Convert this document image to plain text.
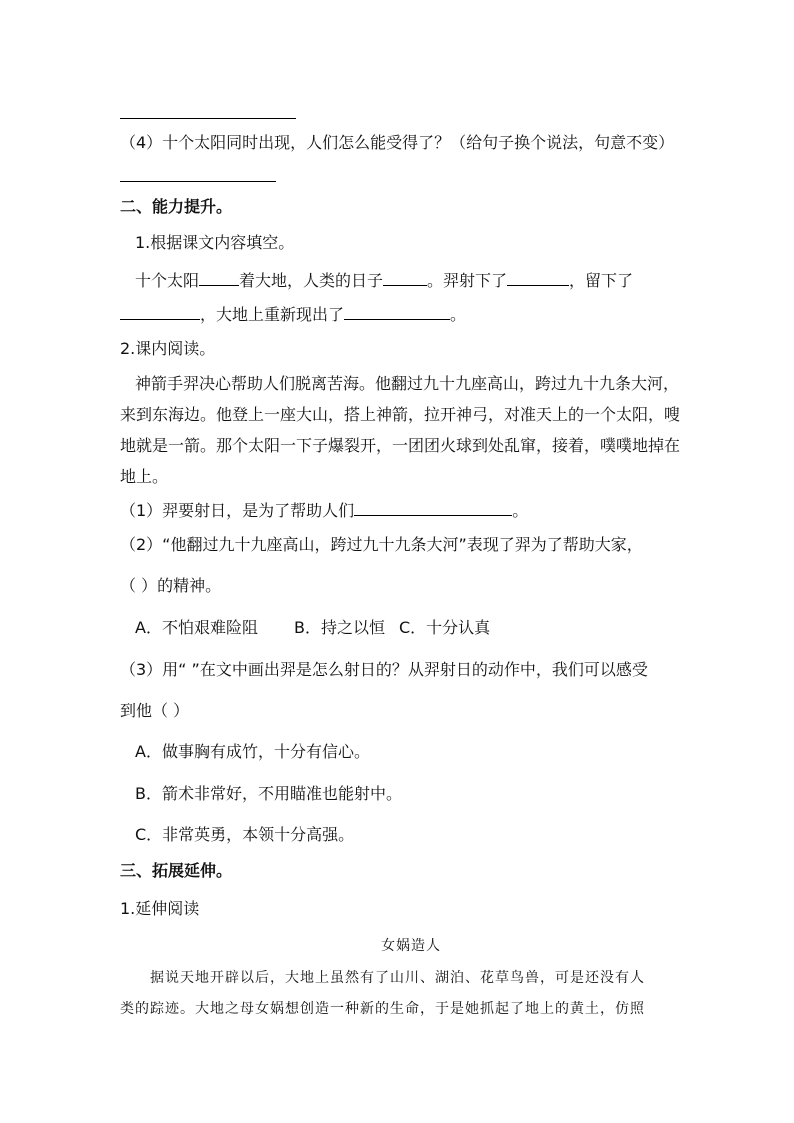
（4）十个太阳同时出现，人们怎么能受得了？（给句子换个说法，句意不变）
二、能力提升。
1.根据课文内容填空。
十个太阳	着大地，人类的日子	。羿射下了	，留下了
，大地上重新现出了	。
2.课内阅读。
神箭手羿决心帮助人们脱离苦海。他翻过九十九座高山，跨过九十九条大河，
来到东海边。他登上一座大山，搭上神箭，拉开神弓，对准天上的一个太阳，嗖
地就是一箭。那个太阳一下子爆裂开，一团团火球到处乱窜，接着，噗噗地掉在
地上。
（1）羿要射日，是为了帮助人们	。
（2）“他翻过九十九座高山，跨过九十九条大河”表现了羿为了帮助大家，
（ ）的精神。
A．不怕艰难险阻 B．持之以恒 C．十分认真
（3）用“ ”在文中画出羿是怎么射日的？从羿射日的动作中，我们可以感受
到他（ ）
A．做事胸有成竹，十分有信心。
B．箭术非常好，不用瞄准也能射中。
C．非常英勇，本领十分高强。
三、拓展延伸。
1.延伸阅读
女娲造人
据说天地开辟以后，大地上虽然有了山川、湖泊、花草鸟兽，可是还没有人
类的踪迹。大地之母女娲想创造一种新的生命，于是她抓起了地上的黄土，仿照
